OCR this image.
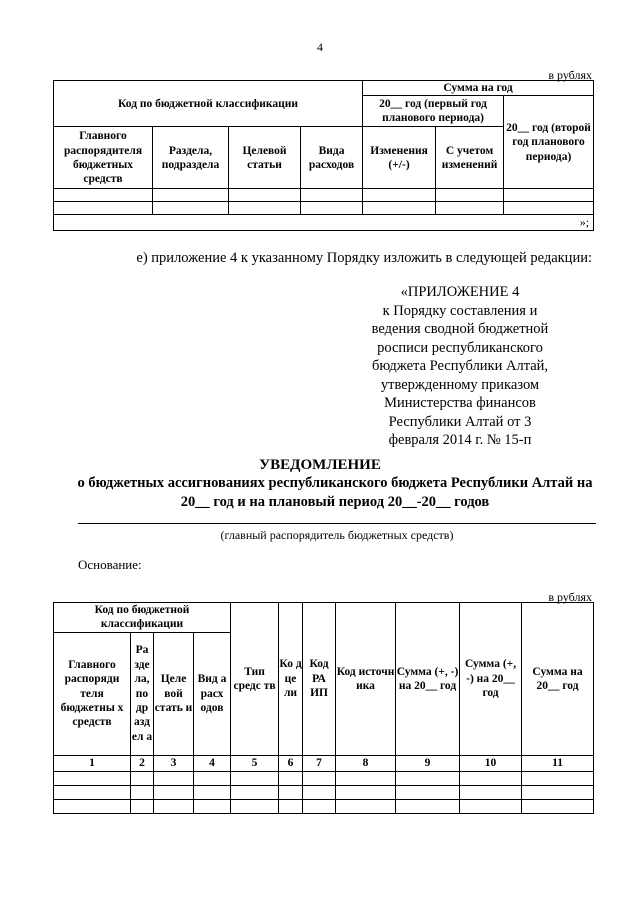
4
в рублях
Код по бюджетной классификации				Сумма на год		
				20__ год (первый год планового периода)		20__ год (второй год планового периода)
Главного распорядителя бюджетных средств	Раздела, подраздела	Целевой статьи	Вида расходов	Изменения (+/-)	С учетом изменений	

»;						
е) приложение 4 к указанному Порядку изложить в следующей редакции:
«ПРИЛОЖЕНИЕ 4
к Порядку составления и
ведения сводной бюджетной
росписи республиканского
бюджета Республики Алтай,
утвержденному приказом
Министерства финансов
Республики Алтай от 3
февраля 2014 г. № 15-п
УВЕДОМЛЕНИЕ
о бюджетных ассигнованиях республиканского бюджета Республики Алтай на 20__ год и на плановый период 20__-20__ годов
(главный распорядитель бюджетных средств)
Основание:
в рублях
Код по бюджетной классификации				Тип средс тв	Ко д це ли	Код РА ИП	Код источн ика	Сумма (+, -) на 20__ год	Сумма (+, -) на 20__ год	Сумма на 20__ год
Главного распоряди теля бюджетны х средств	Ра зде ла, по др азд ел а	Целе вой стать и	Вид а расх одов							
1	2	3	4	5	6	7	8	9	10	11
